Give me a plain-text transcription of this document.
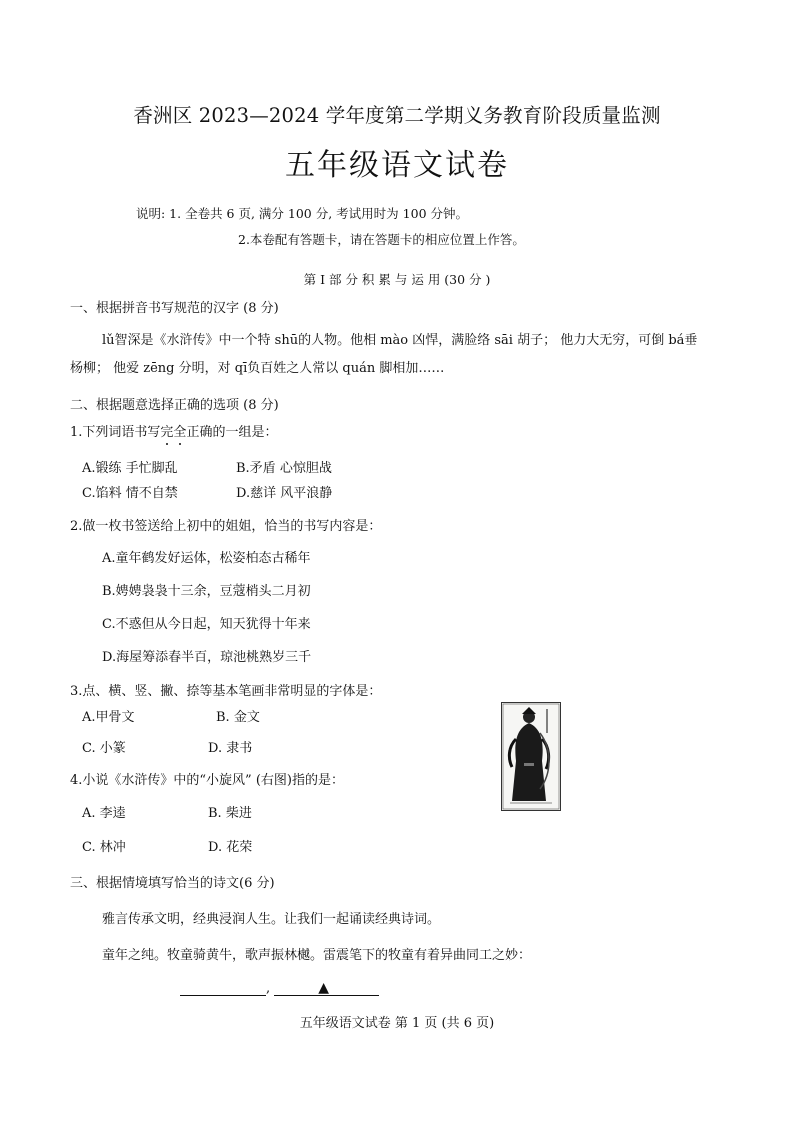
香洲区 2023—2024 学年度第二学期义务教育阶段质量监测
五年级语文试卷
说明: 1. 全卷共 6 页, 满分 100 分, 考试用时为 100 分钟。
2.本卷配有答题卡，请在答题卡的相应位置上作答。
第 I 部 分 积 累 与 运 用 (30 分 )
一、根据拼音书写规范的汉字 (8 分)
lǔ智深是《水浒传》中一个特 shū的人物。他相 mào 凶悍，满脸络 sāi 胡子； 他力大无穷，可倒 bá垂
杨柳； 他爱 zēng 分明，对 qī负百姓之人常以 quán 脚相加……
二、根据题意选择正确的选项 (8 分)
1.下列词语书写完全正确的一组是：
A.锻练 手忙脚乱	B.矛盾 心惊胆战
C.馅料 情不自禁	D.慈详 风平浪静
2.做一枚书签送给上初中的姐姐，恰当的书写内容是：
A.童年鹤发好运体，松姿柏态古稀年
B.娉娉袅袅十三余，豆蔻梢头二月初
C.不惑但从今日起，知天犹得十年来
D.海屋筹添春半百，琼池桃熟岁三千
3.点、横、竖、撇、捺等基本笔画非常明显的字体是：
A.甲骨文	B. 金文
C. 小篆	D. 隶书
4.小说《水浒传》中的“小旋风” (右图)指的是：
A. 李逵	B. 柴进
C. 林冲	D. 花荣
三、根据情境填写恰当的诗文(6 分)
雅言传承文明，经典浸润人生。让我们一起诵读经典诗词。
童年之纯。牧童骑黄牛，歌声振林樾。雷震笔下的牧童有着异曲同工之妙：
,	▲
五年级语文试卷 第 1 页 (共 6 页)
